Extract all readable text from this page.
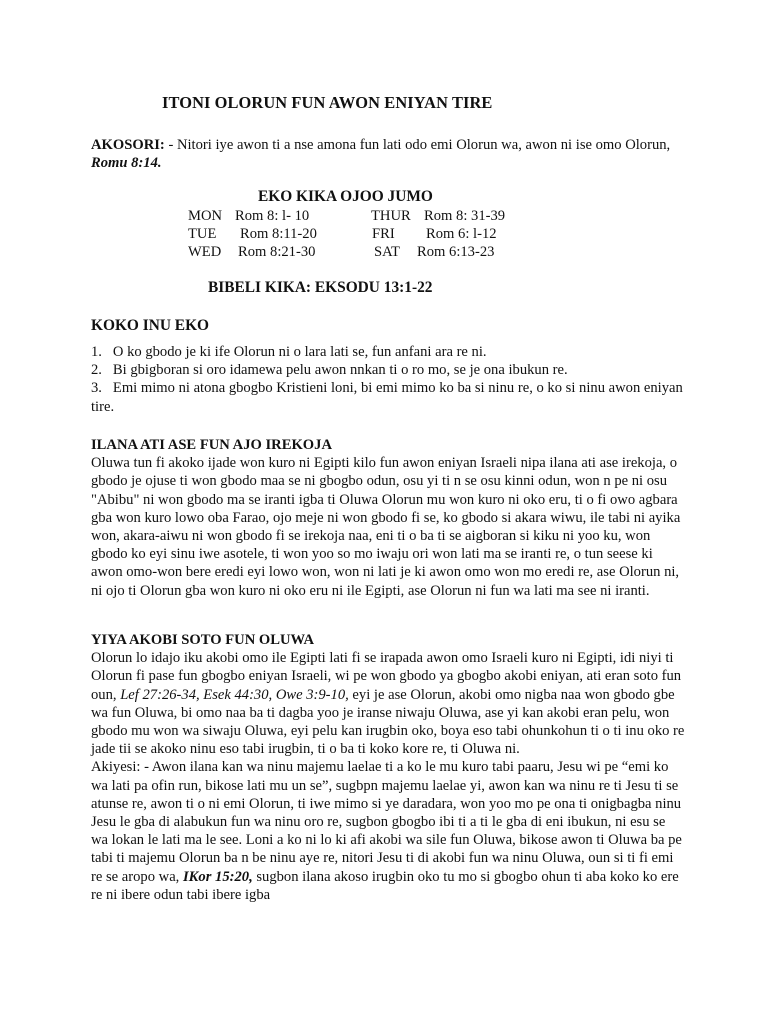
ITONI OLORUN FUN AWON ENIYAN TIRE
AKOSORI: - Nitori iye awon ti a nse amona fun lati odo emi Olorun wa, awon ni ise omo Olorun, Romu 8:14.
EKO KIKA OJOO JUMO
MON Rom 8: l- 10	THUR Rom 8: 31-39
TUE Rom 8:11-20	FRI Rom 6: l-12
WED Rom 8:21-30	SAT Rom 6:13-23
BIBELI KIKA: EKSODU 13:1-22
KOKO INU EKO
1. O ko gbodo je ki ife Olorun ni o lara lati se, fun anfani ara re ni.
2. Bi gbigboran si oro idamewa pelu awon nnkan ti o ro mo, se je ona ibukun re.
3. Emi mimo ni atona gbogbo Kristieni loni, bi emi mimo ko ba si ninu re, o ko si ninu awon eniyan tire.
ILANA ATI ASE FUN AJO IREKOJA

Oluwa tun fi akoko ijade won kuro ni Egipti kilo fun awon eniyan Israeli nipa ilana ati ase irekoja, o gbodo je ojuse ti won gbodo maa se ni gbogbo odun, osu yi ti n se osu kinni odun, won n pe ni osu "Abibu" ni won gbodo ma se iranti igba ti Oluwa Olorun mu won kuro ni oko eru, ti o fi owo agbara gba won kuro lowo oba Farao, ojo meje ni won gbodo fi se, ko gbodo si akara wiwu, ile tabi ni ayika won, akara-aiwu ni won gbodo fi se irekoja naa, eni ti o ba ti se aigboran si kiku ni yoo ku, won gbodo ko eyi sinu iwe asotele, ti won yoo so mo iwaju ori won lati ma se iranti re, o tun seese ki awon omo-won bere eredi eyi lowo won, won ni lati je ki awon omo won mo eredi re, ase Olorun ni, ni ojo ti Olorun gba won kuro ni oko eru ni ile Egipti, ase Olorun ni fun wa lati ma see ni iranti.

YIYA AKOBI SOTO FUN OLUWA

Olorun lo idajo iku akobi omo ile Egipti lati fi se irapada awon omo Israeli kuro ni Egipti, idi niyi ti Olorun fi pase fun gbogbo eniyan Israeli, wi pe won gbodo ya gbogbo akobi eniyan, ati eran soto fun oun, Lef 27:26-34, Esek 44:30, Owe 3:9-10, eyi je ase Olorun, akobi omo nigba naa won gbodo gbe wa fun Oluwa, bi omo naa ba ti dagba yoo je iranse niwaju Oluwa, ase yi kan akobi eran pelu, won gbodo mu won wa siwaju Oluwa, eyi pelu kan irugbin oko, boya eso tabi ohunkohun ti o ti inu oko re jade tii se akoko ninu eso tabi irugbin, ti o ba ti koko kore re, ti Oluwa ni.

Akiyesi: - Awon ilana kan wa ninu majemu laelae ti a ko le mu kuro tabi paaru, Jesu wi pe “emi ko wa lati pa ofin run, bikose lati mu un se”, sugbpn majemu laelae yi, awon kan wa ninu re ti Jesu ti se atunse re, awon ti o ni emi Olorun, ti iwe mimo si ye daradara, won yoo mo pe ona ti onigbagba ninu Jesu le gba di alabukun fun wa ninu oro re, sugbon gbogbo ibi ti a ti le gba di eni ibukun, ni esu se wa lokan le lati ma le see. Loni a ko ni lo ki afi akobi wa sile fun Oluwa, bikose awon ti Oluwa ba pe tabi ti majemu Olorun ba n be ninu aye re, nitori Jesu ti di akobi fun wa ninu Oluwa, oun si ti fi emi re se aropo wa, IKor 15:20, sugbon ilana akoso irugbin oko tu mo si gbogbo ohun ti aba koko ko ere re ni ibere odun tabi ibere igba
